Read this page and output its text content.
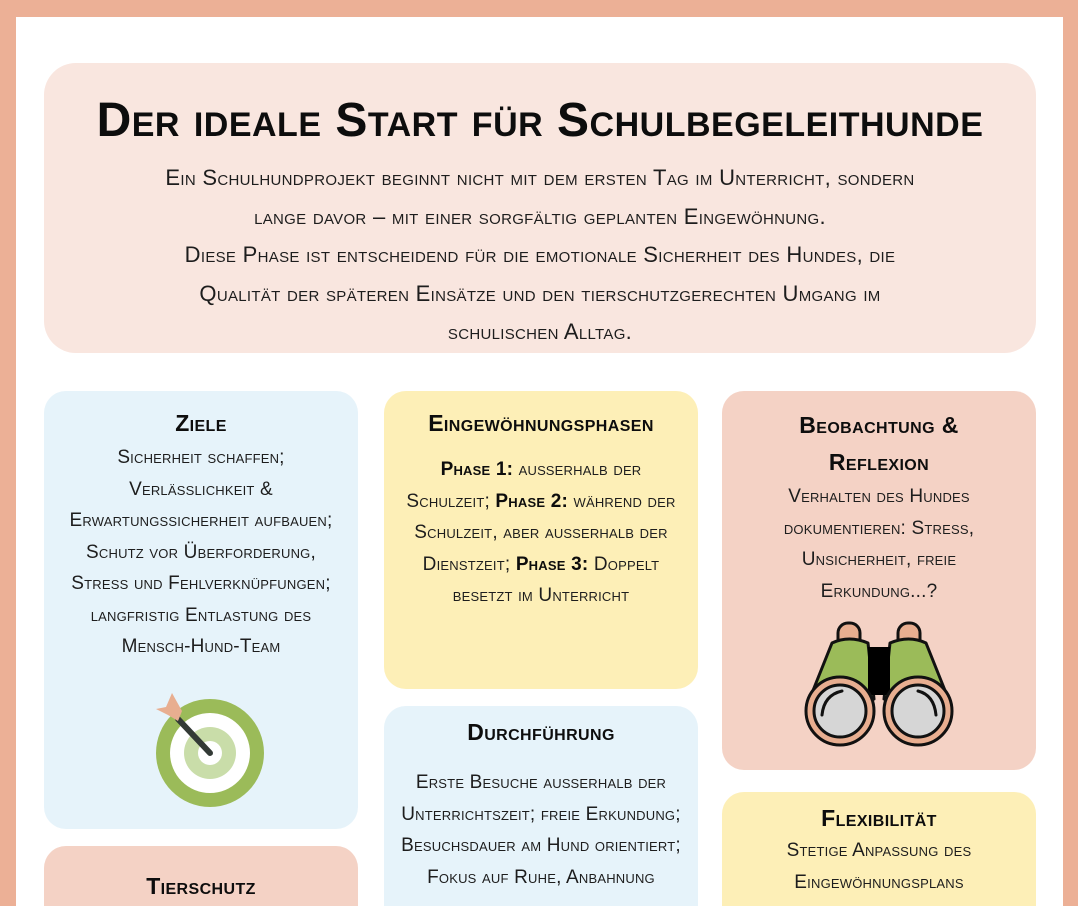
Der ideale Start für Schulbegeleithunde

Ein Schulhundprojekt beginnt nicht mit dem ersten Tag im Unterricht, sondern

lange davor – mit einer sorgfältig geplanten Eingewöhnung.

Diese Phase ist entscheidend für die emotionale Sicherheit des Hundes, die

Qualität der späteren Einsätze und den tierschutzgerechten Umgang im

schulischen Alltag.

Ziele
Sicherheit schaffen; Verlässlichkeit & Erwartungssicherheit aufbauen; Schutz vor Überforderung, Stress und Fehlverknüpfungen; langfristig Entlastung des Mensch-Hund-Team
Eingewöhnungsphasen
Phase 1: außerhalb der Schulzeit; Phase 2: während der Schulzeit, aber außerhalb der Dienstzeit; Phase 3: Doppelt besetzt im Unterricht
Beobachtung & Reflexion
Verhalten des Hundes dokumentieren: Stress, Unsicherheit, freie Erkundung...?
Durchführung
Erste Besuche außerhalb der Unterrichtszeit; freie Erkundung; Besuchsdauer am Hund orientiert; Fokus auf Ruhe, Anbahnung
Flexibilität
Stetige Anpassung des Eingewöhnungsplans
Tierschutz
